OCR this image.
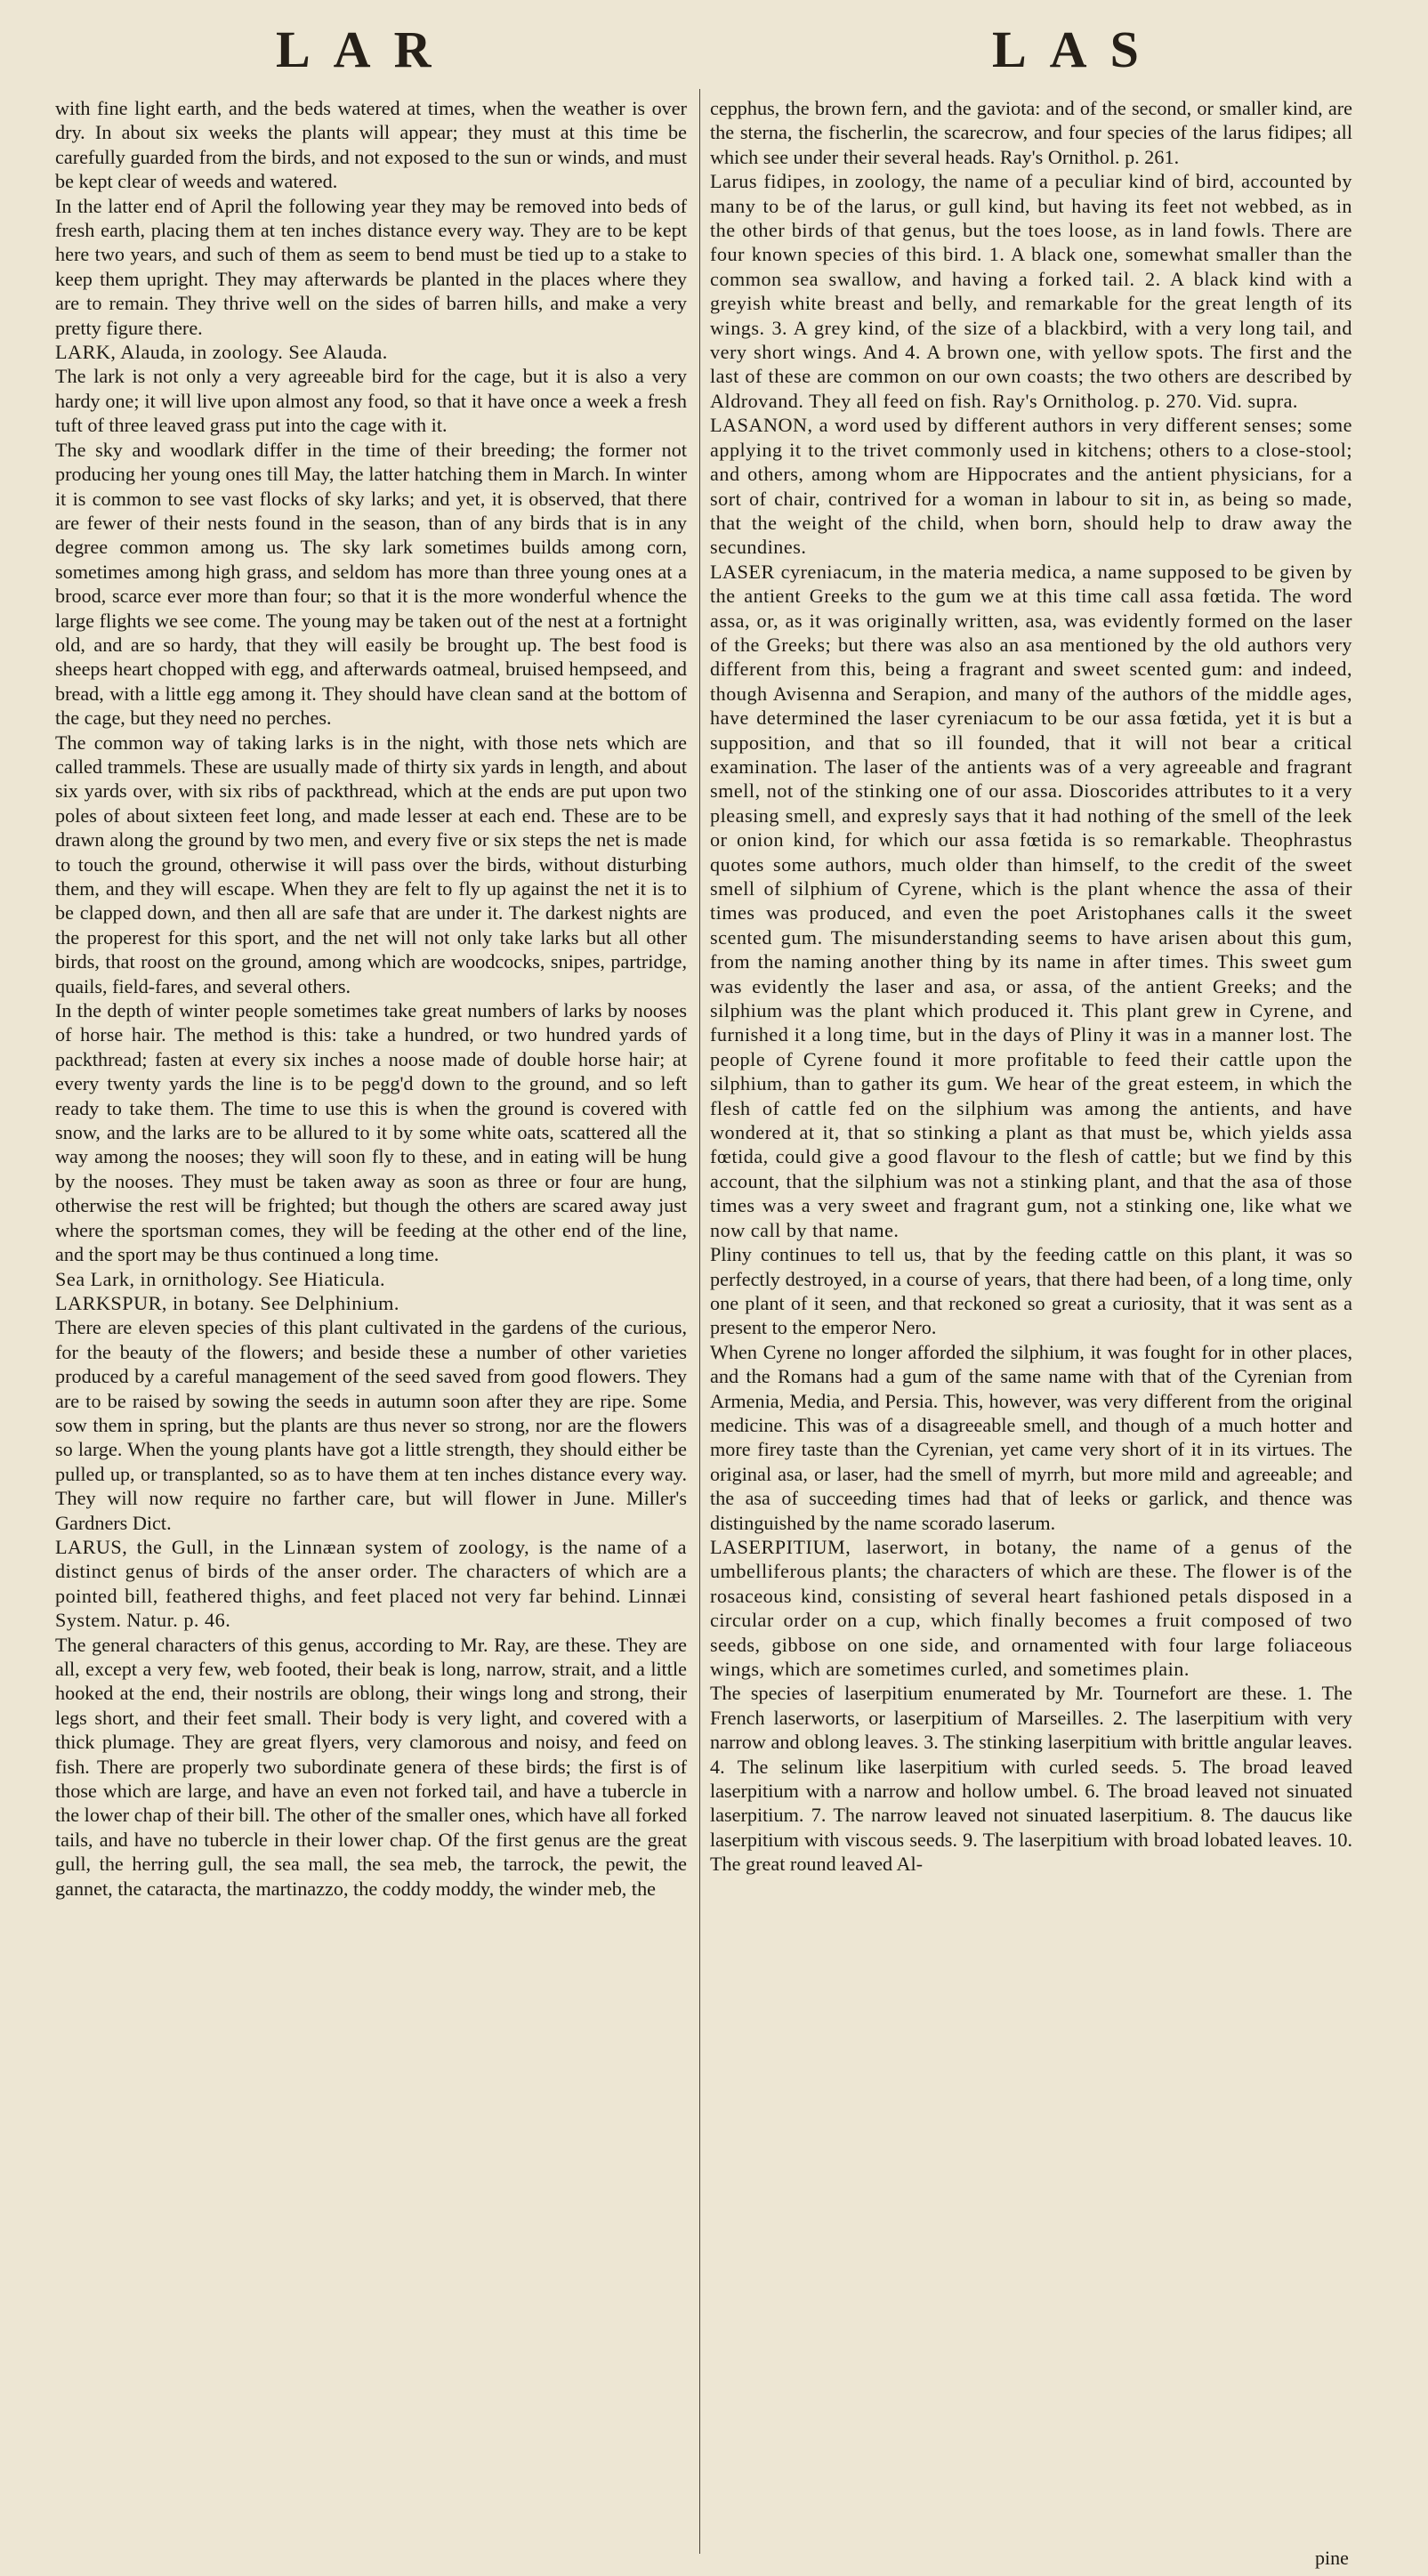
LAR	LAS

with fine light earth, and the beds watered at times, when the weather is over dry. In about six weeks the plants will appear; they must at this time be carefully guarded from the birds, and not exposed to the sun or winds, and must be kept clear of weeds and watered.

In the latter end of April the following year they may be removed into beds of fresh earth, placing them at ten inches distance every way. They are to be kept here two years, and such of them as seem to bend must be tied up to a stake to keep them upright. They may afterwards be planted in the places where they are to remain. They thrive well on the sides of barren hills, and make a very pretty figure there.

LARK, Alauda, in zoology. See Alauda.

The lark is not only a very agreeable bird for the cage, but it is also a very hardy one; it will live upon almost any food, so that it have once a week a fresh tuft of three leaved grass put into the cage with it.

The sky and woodlark differ in the time of their breeding; the former not producing her young ones till May, the latter hatching them in March. In winter it is common to see vast flocks of sky larks; and yet, it is observed, that there are fewer of their nests found in the season, than of any birds that is in any degree common among us. The sky lark sometimes builds among corn, sometimes among high grass, and seldom has more than three young ones at a brood, scarce ever more than four; so that it is the more wonderful whence the large flights we see come. The young may be taken out of the nest at a fortnight old, and are so hardy, that they will easily be brought up. The best food is sheeps heart chopped with egg, and afterwards oatmeal, bruised hempseed, and bread, with a little egg among it. They should have clean sand at the bottom of the cage, but they need no perches.

The common way of taking larks is in the night, with those nets which are called trammels. These are usually made of thirty six yards in length, and about six yards over, with six ribs of packthread, which at the ends are put upon two poles of about sixteen feet long, and made lesser at each end. These are to be drawn along the ground by two men, and every five or six steps the net is made to touch the ground, otherwise it will pass over the birds, without disturbing them, and they will escape. When they are felt to fly up against the net it is to be clapped down, and then all are safe that are under it. The darkest nights are the properest for this sport, and the net will not only take larks but all other birds, that roost on the ground, among which are woodcocks, snipes, partridge, quails, field-fares, and several others.

In the depth of winter people sometimes take great numbers of larks by nooses of horse hair. The method is this: take a hundred, or two hundred yards of packthread; fasten at every six inches a noose made of double horse hair; at every twenty yards the line is to be pegg'd down to the ground, and so left ready to take them. The time to use this is when the ground is covered with snow, and the larks are to be allured to it by some white oats, scattered all the way among the nooses; they will soon fly to these, and in eating will be hung by the nooses. They must be taken away as soon as three or four are hung, otherwise the rest will be frighted; but though the others are scared away just where the sportsman comes, they will be feeding at the other end of the line, and the sport may be thus continued a long time.

Sea Lark, in ornithology. See Hiaticula.

LARKSPUR, in botany. See Delphinium.

There are eleven species of this plant cultivated in the gardens of the curious, for the beauty of the flowers; and beside these a number of other varieties produced by a careful management of the seed saved from good flowers. They are to be raised by sowing the seeds in autumn soon after they are ripe. Some sow them in spring, but the plants are thus never so strong, nor are the flowers so large. When the young plants have got a little strength, they should either be pulled up, or transplanted, so as to have them at ten inches distance every way. They will now require no farther care, but will flower in June. Miller's Gardners Dict.

LARUS, the Gull, in the Linnæan system of zoology, is the name of a distinct genus of birds of the anser order. The characters of which are a pointed bill, feathered thighs, and feet placed not very far behind. Linnæi System. Natur. p. 46.

The general characters of this genus, according to Mr. Ray, are these. They are all, except a very few, web footed, their beak is long, narrow, strait, and a little hooked at the end, their nostrils are oblong, their wings long and strong, their legs short, and their feet small. Their body is very light, and covered with a thick plumage. They are great flyers, very clamorous and noisy, and feed on fish. There are properly two subordinate genera of these birds; the first is of those which are large, and have an even not forked tail, and have a tubercle in the lower chap of their bill. The other of the smaller ones, which have all forked tails, and have no tubercle in their lower chap. Of the first genus are the great gull, the herring gull, the sea mall, the sea meb, the tarrock, the pewit, the gannet, the cataracta, the martinazzo, the coddy moddy, the winder meb, the

cepphus, the brown fern, and the gaviota: and of the second, or smaller kind, are the sterna, the fischerlin, the scarecrow, and four species of the larus fidipes; all which see under their several heads. Ray's Ornithol. p. 261.

Larus fidipes, in zoology, the name of a peculiar kind of bird, accounted by many to be of the larus, or gull kind, but having its feet not webbed, as in the other birds of that genus, but the toes loose, as in land fowls. There are four known species of this bird. 1. A black one, somewhat smaller than the common sea swallow, and having a forked tail. 2. A black kind with a greyish white breast and belly, and remarkable for the great length of its wings. 3. A grey kind, of the size of a blackbird, with a very long tail, and very short wings. And 4. A brown one, with yellow spots. The first and the last of these are common on our own coasts; the two others are described by Aldrovand. They all feed on fish. Ray's Ornitholog. p. 270. Vid. supra.

LASANON, a word used by different authors in very different senses; some applying it to the trivet commonly used in kitchens; others to a close-stool; and others, among whom are Hippocrates and the antient physicians, for a sort of chair, contrived for a woman in labour to sit in, as being so made, that the weight of the child, when born, should help to draw away the secundines.

LASER cyreniacum, in the materia medica, a name supposed to be given by the antient Greeks to the gum we at this time call assa fœtida. The word assa, or, as it was originally written, asa, was evidently formed on the laser of the Greeks; but there was also an asa mentioned by the old authors very different from this, being a fragrant and sweet scented gum: and indeed, though Avisenna and Serapion, and many of the authors of the middle ages, have determined the laser cyreniacum to be our assa fœtida, yet it is but a supposition, and that so ill founded, that it will not bear a critical examination. The laser of the antients was of a very agreeable and fragrant smell, not of the stinking one of our assa. Dioscorides attributes to it a very pleasing smell, and expresly says that it had nothing of the smell of the leek or onion kind, for which our assa fœtida is so remarkable. Theophrastus quotes some authors, much older than himself, to the credit of the sweet smell of silphium of Cyrene, which is the plant whence the assa of their times was produced, and even the poet Aristophanes calls it the sweet scented gum. The misunderstanding seems to have arisen about this gum, from the naming another thing by its name in after times. This sweet gum was evidently the laser and asa, or assa, of the antient Greeks; and the silphium was the plant which produced it. This plant grew in Cyrene, and furnished it a long time, but in the days of Pliny it was in a manner lost. The people of Cyrene found it more profitable to feed their cattle upon the silphium, than to gather its gum. We hear of the great esteem, in which the flesh of cattle fed on the silphium was among the antients, and have wondered at it, that so stinking a plant as that must be, which yields assa fœtida, could give a good flavour to the flesh of cattle; but we find by this account, that the silphium was not a stinking plant, and that the asa of those times was a very sweet and fragrant gum, not a stinking one, like what we now call by that name.

Pliny continues to tell us, that by the feeding cattle on this plant, it was so perfectly destroyed, in a course of years, that there had been, of a long time, only one plant of it seen, and that reckoned so great a curiosity, that it was sent as a present to the emperor Nero.

When Cyrene no longer afforded the silphium, it was fought for in other places, and the Romans had a gum of the same name with that of the Cyrenian from Armenia, Media, and Persia. This, however, was very different from the original medicine. This was of a disagreeable smell, and though of a much hotter and more firey taste than the Cyrenian, yet came very short of it in its virtues. The original asa, or laser, had the smell of myrrh, but more mild and agreeable; and the asa of succeeding times had that of leeks or garlick, and thence was distinguished by the name scorado laserum.

LASERPITIUM, laserwort, in botany, the name of a genus of the umbelliferous plants; the characters of which are these. The flower is of the rosaceous kind, consisting of several heart fashioned petals disposed in a circular order on a cup, which finally becomes a fruit composed of two seeds, gibbose on one side, and ornamented with four large foliaceous wings, which are sometimes curled, and sometimes plain.

The species of laserpitium enumerated by Mr. Tournefort are these. 1. The French laserworts, or laserpitium of Marseilles. 2. The laserpitium with very narrow and oblong leaves. 3. The stinking laserpitium with brittle angular leaves. 4. The selinum like laserpitium with curled seeds. 5. The broad leaved laserpitium with a narrow and hollow umbel. 6. The broad leaved not sinuated laserpitium. 7. The narrow leaved not sinuated laserpitium. 8. The daucus like laserpitium with viscous seeds. 9. The laserpitium with broad lobated leaves. 10. The great round leaved Al-

pine
